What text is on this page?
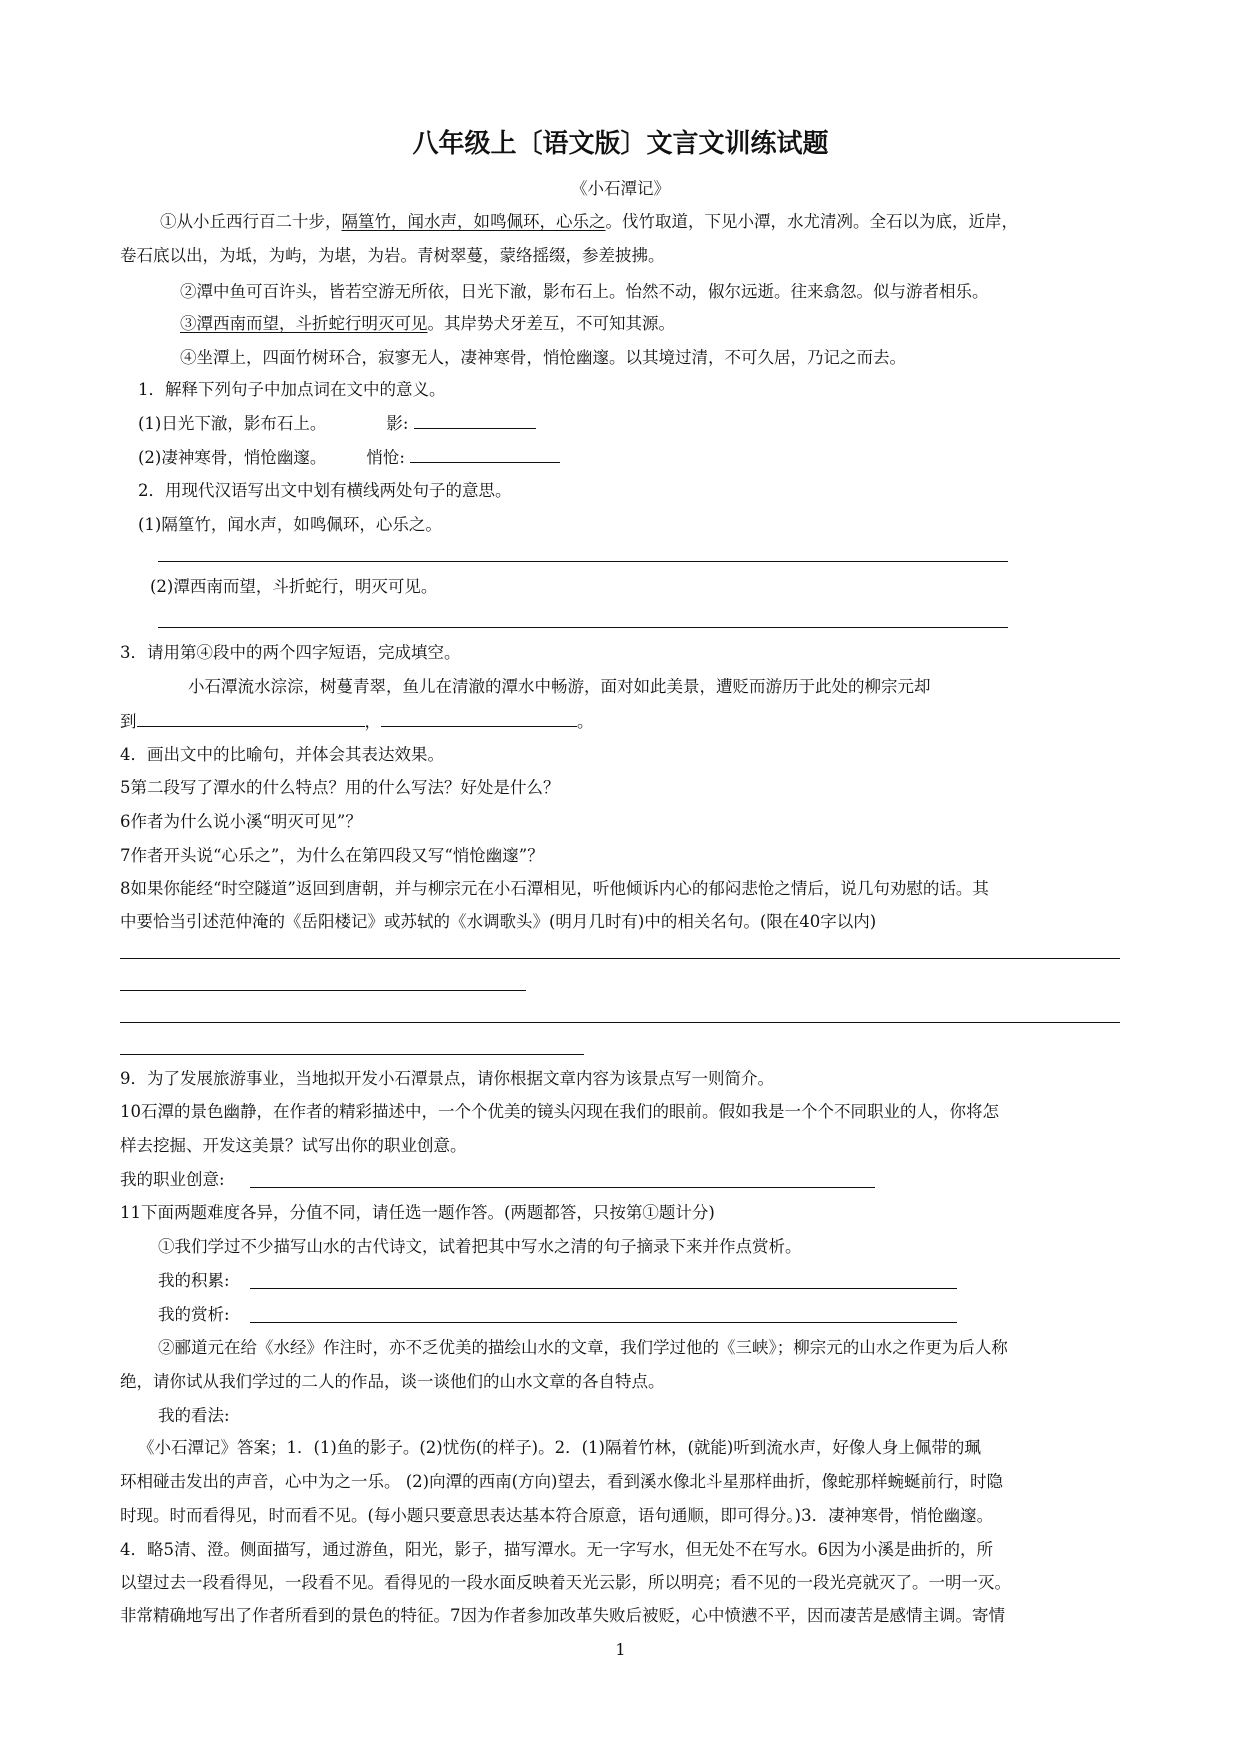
八年级上〔语文版〕文言文训练试题
《小石潭记》
①从小丘西行百二十步，隔篁竹，闻水声，如鸣佩环，心乐之。伐竹取道，下见小潭，水尤清冽。全石以为底，近岸，
卷石底以出，为坻，为屿，为堪，为岩。青树翠蔓，蒙络摇缀，参差披拂。
②潭中鱼可百许头，皆若空游无所依，日光下澈，影布石上。怡然不动，俶尔远逝。往来翕忽。似与游者相乐。
③潭西南而望，斗折蛇行明灭可见。其岸势犬牙差互，不可知其源。
④坐潭上，四面竹树环合，寂寥无人，凄神寒骨，悄怆幽邃。以其境过清，不可久居，乃记之而去。
1．解释下列句子中加点词在文中的意义。
(1)日光下澈，影布石上。	影:
(2)凄神寒骨，悄怆幽邃。 悄怆:
2．用现代汉语写出文中划有横线两处句子的意思。
(1)隔篁竹，闻水声，如鸣佩环，心乐之。
(2)潭西南而望，斗折蛇行，明灭可见。
3．请用第④段中的两个四字短语，完成填空。
小石潭流水淙淙，树蔓青翠，鱼儿在清澈的潭水中畅游，面对如此美景，遭贬而游历于此处的柳宗元却
到	，	。
4．画出文中的比喻句，并体会其表达效果。
5第二段写了潭水的什么特点？用的什么写法？好处是什么？
6作者为什么说小溪“明灭可见”？
7作者开头说“心乐之”，为什么在第四段又写“悄怆幽邃”？
8如果你能经“时空隧道”返回到唐朝，并与柳宗元在小石潭相见，听他倾诉内心的郁闷悲怆之情后，说几句劝慰的话。其
中要恰当引述范仲淹的《岳阳楼记》或苏轼的《水调歌头》(明月几时有)中的相关名句。(限在40字以内)
9．为了发展旅游事业，当地拟开发小石潭景点，请你根据文章内容为该景点写一则简介。
10石潭的景色幽静，在作者的精彩描述中，一个个优美的镜头闪现在我们的眼前。假如我是一个个不同职业的人，你将怎
样去挖掘、开发这美景？试写出你的职业创意。
我的职业创意:
11下面两题难度各异，分值不同，请任选一题作答。(两题都答，只按第①题计分)
①我们学过不少描写山水的古代诗文，试着把其中写水之清的句子摘录下来并作点赏析。
我的积累:
我的赏析:
②郦道元在给《水经》作注时，亦不乏优美的描绘山水的文章，我们学过他的《三峡》；柳宗元的山水之作更为后人称
绝，请你试从我们学过的二人的作品，谈一谈他们的山水文章的各自特点。
我的看法:
《小石潭记》答案；1．(1)鱼的影子。(2)忧伤(的样子)。2．(1)隔着竹林，(就能)听到流水声，好像人身上佩带的珮
环相碰击发出的声音，心中为之一乐。 (2)向潭的西南(方向)望去，看到溪水像北斗星那样曲折，像蛇那样蜿蜒前行，时隐
时现。时而看得见，时而看不见。(每小题只要意思表达基本符合原意，语句通顺，即可得分。)3．凄神寒骨，悄怆幽邃。
4．略5清、澄。侧面描写，通过游鱼，阳光，影子，描写潭水。无一字写水，但无处不在写水。6因为小溪是曲折的，所
以望过去一段看得见，一段看不见。看得见的一段水面反映着天光云影，所以明亮；看不见的一段光亮就灭了。一明一灭。
非常精确地写出了作者所看到的景色的特征。7因为作者参加改革失败后被贬，心中愤懑不平，因而凄苦是感情主调。寄情
1
